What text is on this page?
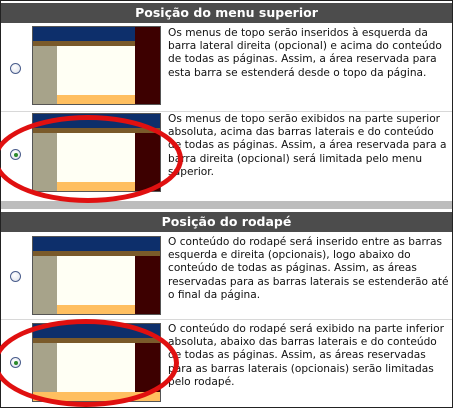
Posição do menu superior
Os menus de topo serão inseridos à esquerda da barra lateral direita (opcional) e acima do conteúdo de todas as páginas. Assim, a área reservada para esta barra se estenderá desde o topo da página.
Os menus de topo serão exibidos na parte superior absoluta, acima das barras laterais e do conteúdo de todas as páginas. Assim, a área reservada para a barra direita (opcional) será limitada pelo menu superior.
Posição do rodapé
O conteúdo do rodapé será inserido entre as barras esquerda e direita (opcionais), logo abaixo do conteúdo de todas as páginas. Assim, as áreas reservadas para as barras laterais se estenderão até o final da página.
O conteúdo do rodapé será exibido na parte inferior absoluta, abaixo das barras laterais e do conteúdo de todas as páginas. Assim, as áreas reservadas para as barras laterais (opcionais) serão limitadas pelo rodapé.
